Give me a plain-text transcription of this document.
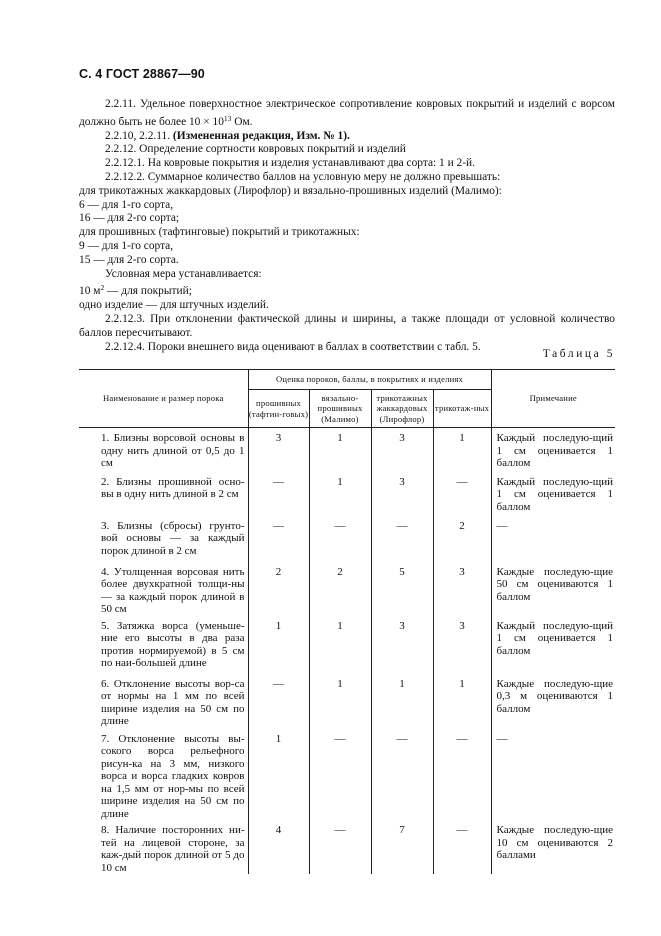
С. 4 ГОСТ 28867—90

2.2.11. Удельное поверхностное электрическое сопротивление ковровых покрытий и изделий с ворсом должно быть не более $10 \times 10^{13}$ Ом.

2.2.10, 2.2.11. (Измененная редакция, Изм. № 1).

2.2.12. Определение сортности ковровых покрытий и изделий

2.2.12.1. На ковровые покрытия и изделия устанавливают два сорта: 1 и 2-й.

2.2.12.2. Суммарное количество баллов на условную меру не должно превышать:

для трикотажных жаккардовых (Лирофлор) и вязально-прошивных изделий (Малимо):

6 — для 1-го сорта,

16 — для 2-го сорта;

для прошивных (тафтинговые) покрытий и трикотажных:

9 — для 1-го сорта,

15 — для 2-го сорта.

Условная мера устанавливается:

10 $м^2$ — для покрытий;

одно изделие — для штучных изделий.

2.2.12.3. При отклонении фактической длины и ширины, а также площади от условной количество баллов пересчитывают.

2.2.12.4. Пороки внешнего вида оценивают в баллах в соответствии с табл. 5.

Таблица 5
Наименование и размер порока	Оценка пороков, баллы, в покрытиях и изделиях				Примечание
	прошивных (тафтин-говых)	вязально-прошивных (Малимо)	трикотажных жаккардовых (Лирофлор)	трикотаж-ных	
1. Близны ворсовой основы в одну нить длиной от 0,5 до 1 см	3	1	3	1	Каждый последую-щий 1 см оценивается 1 баллом
2. Близны прошивной осно-вы в одну нить длиной в 2 см	—	1	3	—	Каждый последую-щий 1 см оценивается 1 баллом
3. Близны (сбросы) грунто-вой основы — за каждый порок длиной в 2 см	—	—	—	2	—
4. Утолщенная ворсовая нить более двухкратной толщи-ны — за каждый порок длиной в 50 см	2	2	5	3	Каждые последую-щие 50 см оцениваются 1 баллом
5. Затяжка ворса (уменьше-ние его высоты в два раза против нормируемой) в 5 см по наи-большей длине	1	1	3	3	Каждый последую-щий 1 см оценивается 1 баллом
6. Отклонение высоты вор-са от нормы на 1 мм по всей ширине изделия на 50 см по длине	—	1	1	1	Каждые последую-щие 0,3 м оцениваются 1 баллом
7. Отклонение высоты вы-сокого ворса рельефного рисун-ка на 3 мм, низкого ворса и ворса гладких ковров на 1,5 мм от нор-мы по всей ширине изделия на 50 см по длине	1	—	—	—	—
8. Наличие посторонних ни-тей на лицевой стороне, за каж-дый порок длиной от 5 до 10 см	4	—	7	—	Каждые последую-щие 10 см оцениваются 2 баллами
